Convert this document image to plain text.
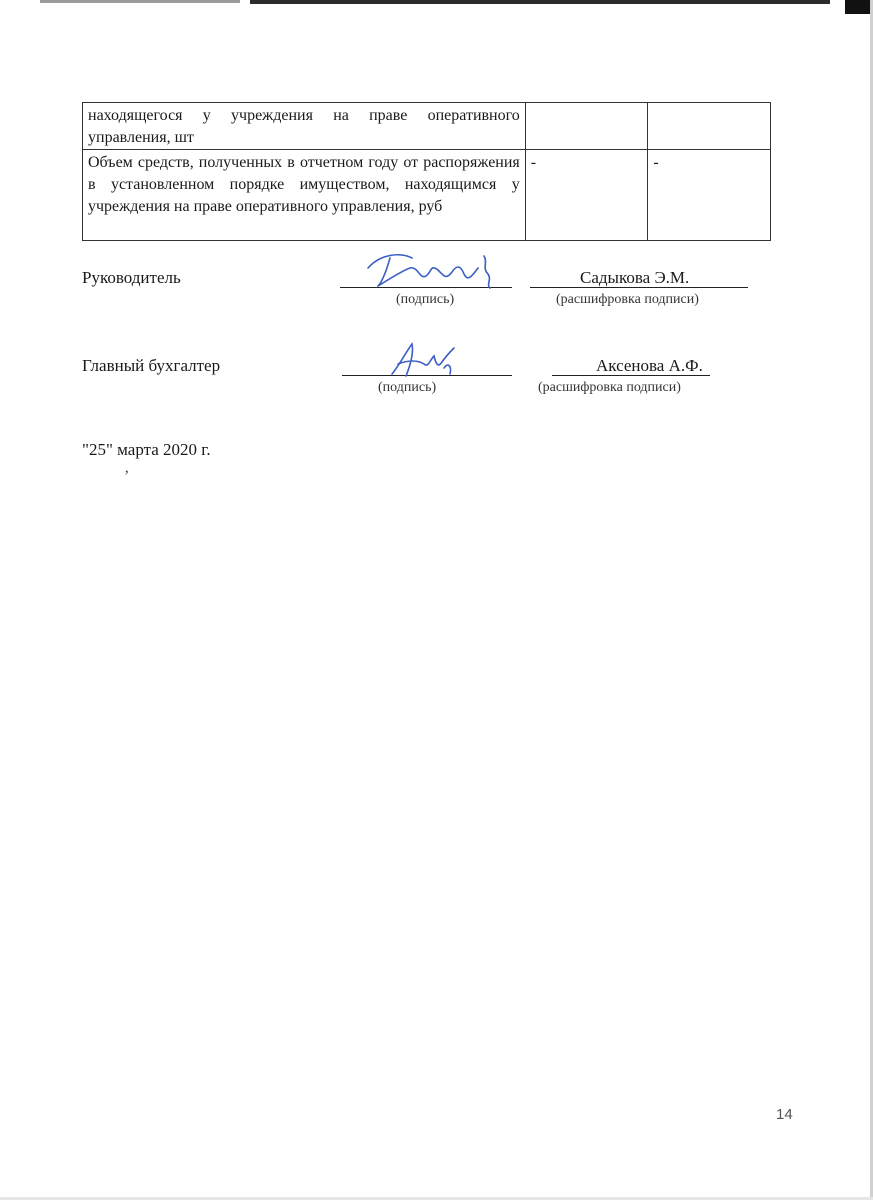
находящегося у учреждения на праве оперативного управления, шт		
Объем средств, полученных в отчетном году от распоряжения в установленном порядке имуществом, находящимся у учреждения на праве оперативного управления, руб	-	-
Руководитель
(подпись)
Садыкова Э.М.
(расшифровка подписи)
Главный бухгалтер
(подпись)
Аксенова А.Ф.
(расшифровка подписи)
"25" марта 2020 г.
’
14
